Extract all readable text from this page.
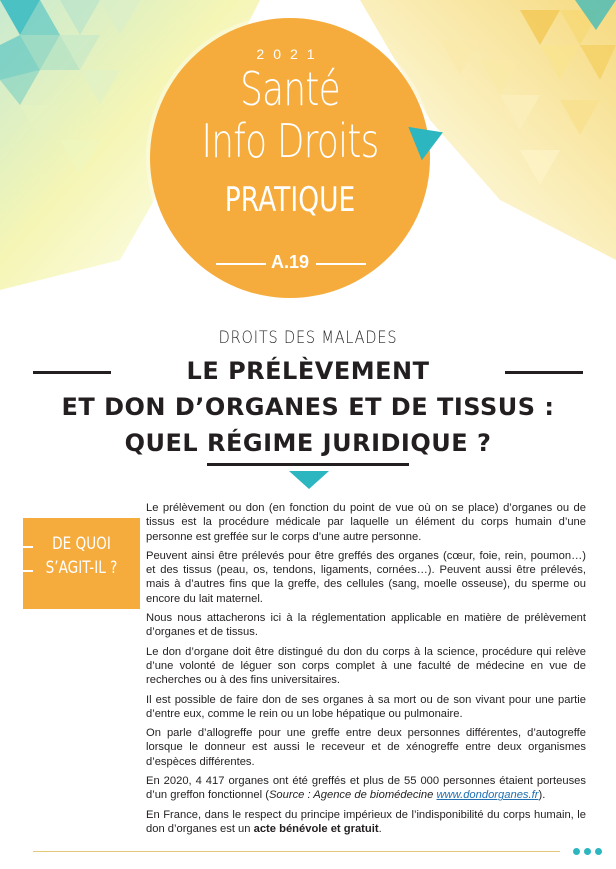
2021
Santé
Info Droits
PRATIQUE
A.19
DROITS DES MALADES
LE PRÉLÈVEMENT
ET DON D’ORGANES ET DE TISSUS :
QUEL RÉGIME JURIDIQUE ?
DE QUOI
S’AGIT-IL ?

Le prélèvement ou don (en fonction du point de vue où on se place) d’organes ou de tissus est la procédure médicale par laquelle un élément du corps humain d’une personne est greffée sur le corps d’une autre personne.

Peuvent ainsi être prélevés pour être greffés des organes (cœur, foie, rein, poumon…) et des tissus (peau, os, tendons, ligaments, cornées…). Peuvent aussi être prélevés, mais à d’autres fins que la greffe, des cellules (sang, moelle osseuse), du sperme ou encore du lait maternel.

Nous nous attacherons ici à la réglementation applicable en matière de prélèvement d’organes et de tissus.

Le don d’organe doit être distingué du don du corps à la science, procédure qui relève d’une volonté de léguer son corps complet à une faculté de médecine en vue de recherches ou à des fins universitaires.

Il est possible de faire don de ses organes à sa mort ou de son vivant pour une partie d’entre eux, comme le rein ou un lobe hépatique ou pulmonaire.

On parle d’allogreffe pour une greffe entre deux personnes différentes, d’autogreffe lorsque le donneur est aussi le receveur et de xénogreffe entre deux organismes d’espèces différentes.

En 2020, 4 417 organes ont été greffés et plus de 55 000 personnes étaient porteuses d’un greffon fonctionnel (Source : Agence de biomédecine www.dondorganes.fr).

En France, dans le respect du principe impérieux de l’indisponibilité du corps humain, le don d’organes est un acte bénévole et gratuit.
